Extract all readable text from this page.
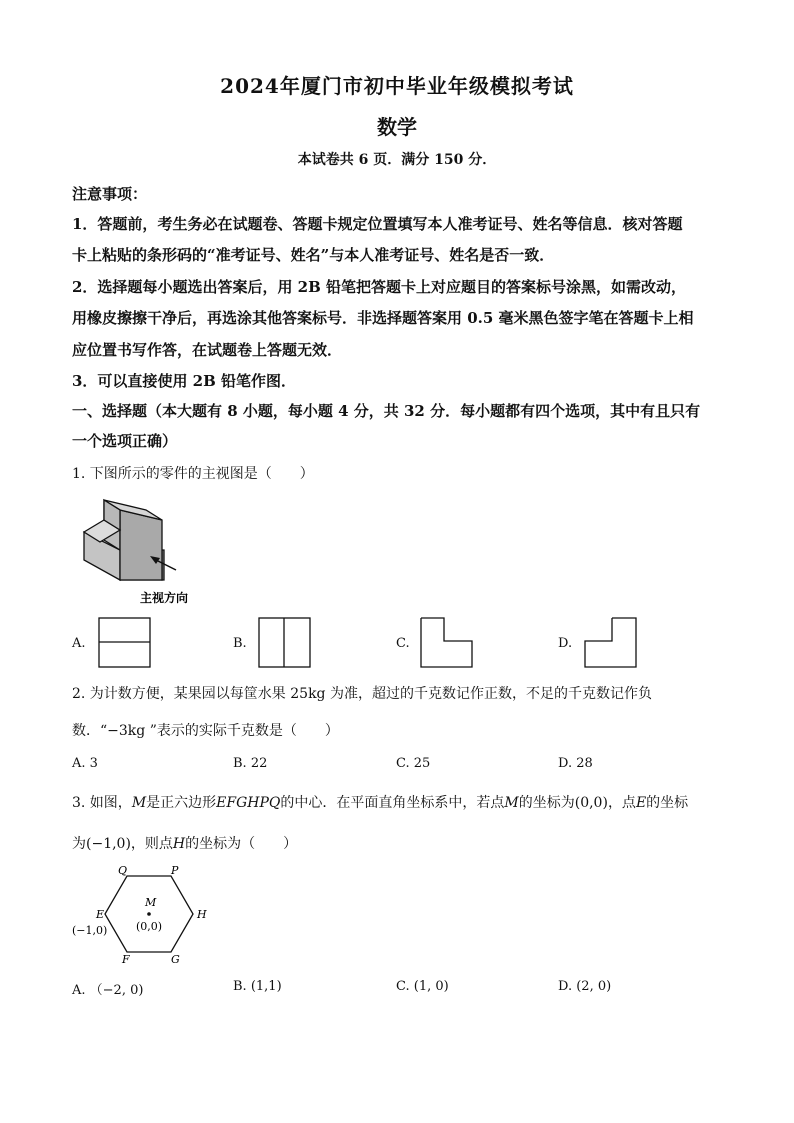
2024年厦门市初中毕业年级模拟考试
数学
本试卷共 6 页．满分 150 分．
注意事项：
1．答题前，考生务必在试题卷、答题卡规定位置填写本人准考证号、姓名等信息．核对答题
卡上粘贴的条形码的“准考证号、姓名”与本人准考证号、姓名是否一致．
2．选择题每小题选出答案后，用 2B 铅笔把答题卡上对应题目的答案标号涂黑，如需改动，
用橡皮擦擦干净后，再选涂其他答案标号．非选择题答案用 0.5 毫米黑色签字笔在答题卡上相
应位置书写作答，在试题卷上答题无效．
3．可以直接使用 2B 铅笔作图．
一、选择题（本大题有 8 小题，每小题 4 分，共 32 分．每小题都有四个选项，其中有且只有
一个选项正确）
1. 下图所示的零件的主视图是（　　）
主视方向
A.	B.	C.	D.
2. 为计数方便，某果园以每筐水果 25kg 为准，超过的千克数记作正数，不足的千克数记作负
数．“−3kg ”表示的实际千克数是（　　）
A. 3	B. 22	C. 25	D. 28
3. 如图，M是正六边形EFGHPQ的中心．在平面直角坐标系中，若点M的坐标为(0,0)，点E的坐标
为(−1,0)，则点H的坐标为（　　）
Q	P
E	H
F	G
M
(0,0)
(−1,0)
A. （−2, 0)	B. (1,1)	C. (1, 0)	D. (2, 0)
